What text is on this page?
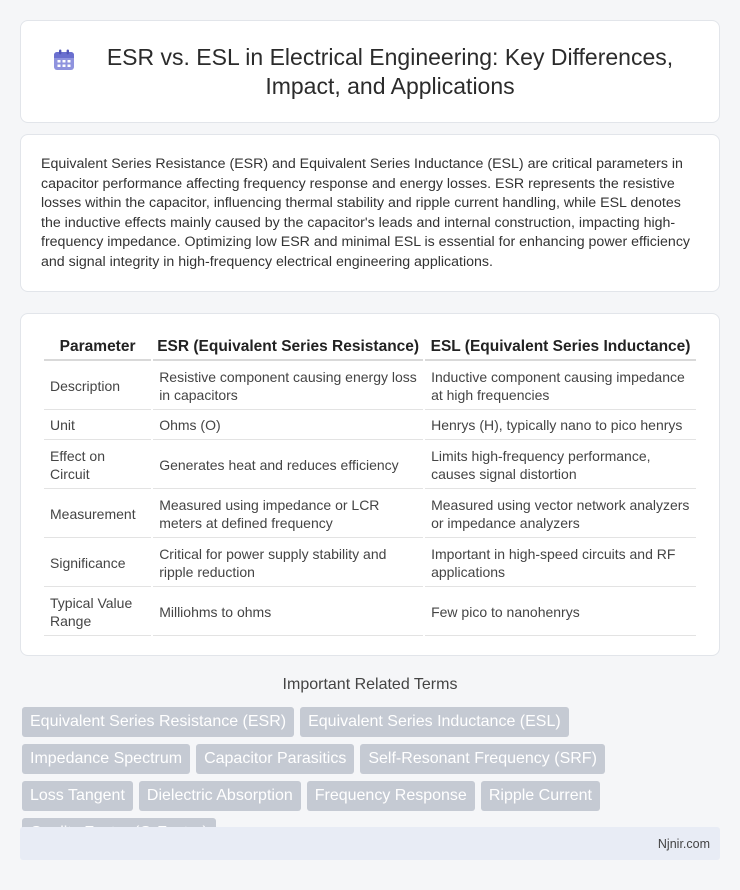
ESR vs. ESL in Electrical Engineering: Key Differences, Impact, and Applications

Equivalent Series Resistance (ESR) and Equivalent Series Inductance (ESL) are critical parameters in capacitor performance affecting frequency response and energy losses. ESR represents the resistive losses within the capacitor, influencing thermal stability and ripple current handling, while ESL denotes the inductive effects mainly caused by the capacitor's leads and internal construction, impacting high-frequency impedance. Optimizing low ESR and minimal ESL is essential for enhancing power efficiency and signal integrity in high-frequency electrical engineering applications.

Parameter	ESR (Equivalent Series Resistance)	ESL (Equivalent Series Inductance)
Description	Resistive component causing energy loss in capacitors	Inductive component causing impedance at high frequencies
Unit	Ohms (O)	Henrys (H), typically nano to pico henrys
Effect on Circuit	Generates heat and reduces efficiency	Limits high-frequency performance, causes signal distortion
Measurement	Measured using impedance or LCR meters at defined frequency	Measured using vector network analyzers or impedance analyzers
Significance	Critical for power supply stability and ripple reduction	Important in high-speed circuits and RF applications
Typical Value Range	Milliohms to ohms	Few pico to nanohenrys
Important Related Terms
Equivalent Series Resistance (ESR)	Equivalent Series Inductance (ESL)
Impedance Spectrum	Capacitor Parasitics	Self-Resonant Frequency (SRF)
Loss Tangent	Dielectric Absorption	Frequency Response	Ripple Current
Njnir.com
